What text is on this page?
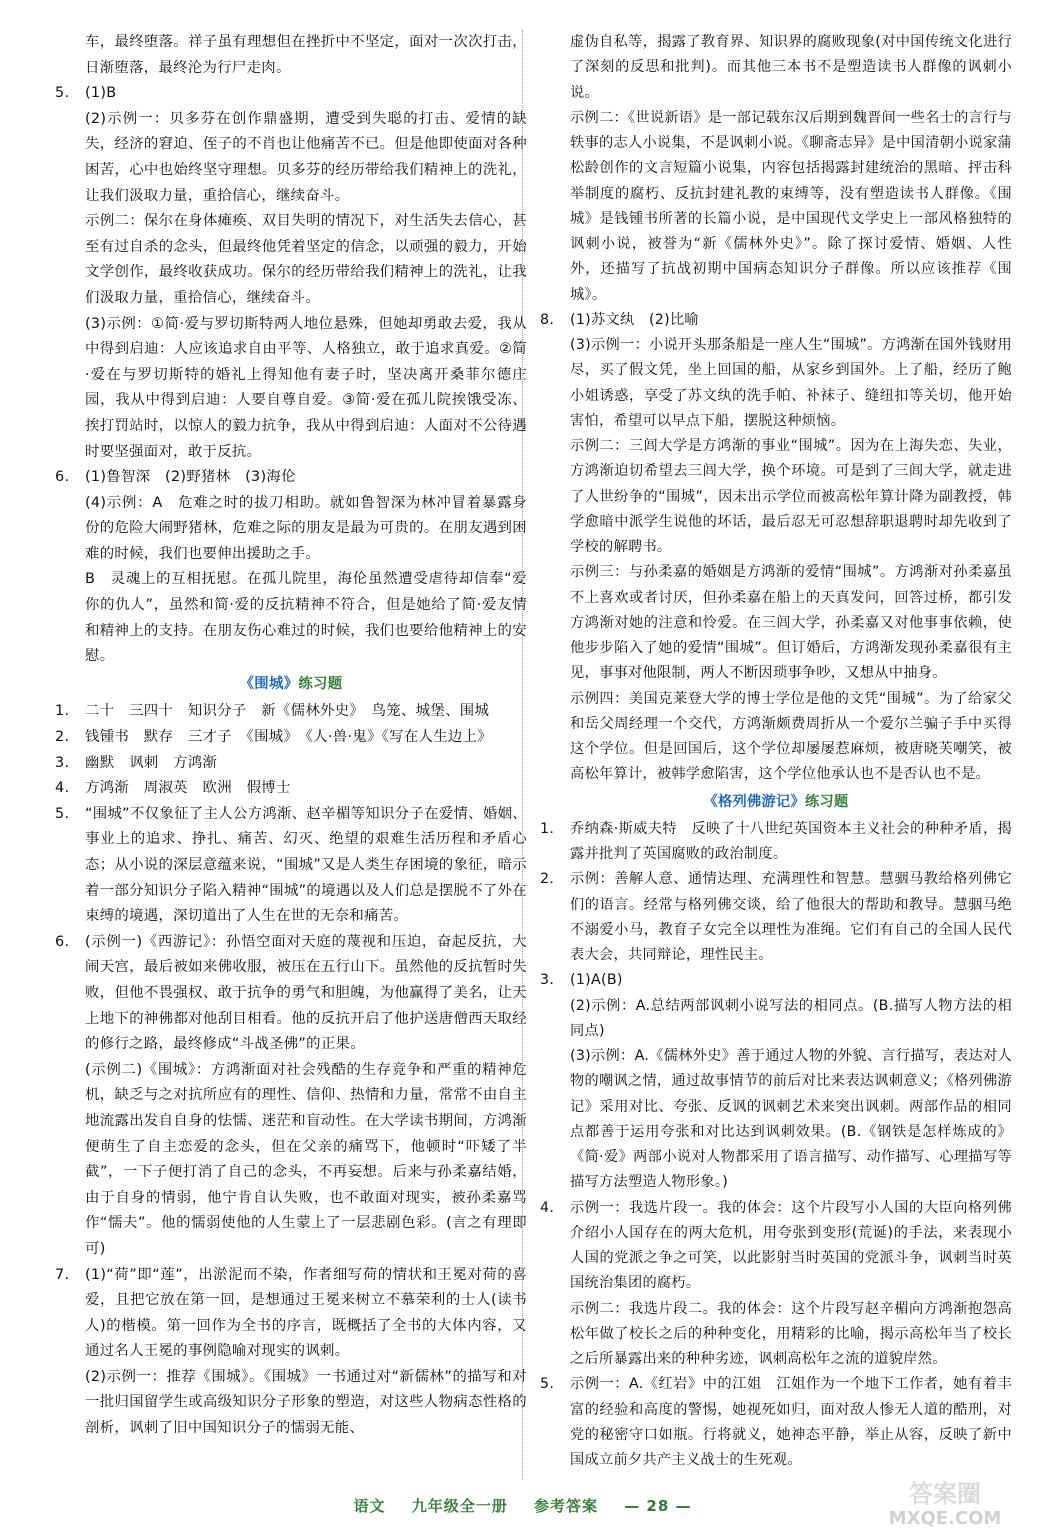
车，最终堕落。祥子虽有理想但在挫折中不坚定，面对一次次打击，日渐堕落，最终沦为行尸走肉。
5. (1)B
(2)示例一：贝多芬在创作鼎盛期，遭受到失聪的打击、爱情的缺失，经济的窘迫、侄子的不肖也让他痛苦不已。但是他即使面对各种困苦，心中也始终坚守理想。贝多芬的经历带给我们精神上的洗礼，让我们汲取力量，重拾信心，继续奋斗。
示例二：保尔在身体瘫痪、双目失明的情况下，对生活失去信心，甚至有过自杀的念头，但最终他凭着坚定的信念，以顽强的毅力，开始文学创作，最终收获成功。保尔的经历带给我们精神上的洗礼，让我们汲取力量，重拾信心，继续奋斗。
(3)示例：①简·爱与罗切斯特两人地位悬殊，但她却勇敢去爱，我从中得到启迪：人应该追求自由平等、人格独立，敢于追求真爱。②简·爱在与罗切斯特的婚礼上得知他有妻子时，坚决离开桑菲尔德庄园，我从中得到启迪：人要自尊自爱。③简·爱在孤儿院挨饿受冻、挨打罚站时，以惊人的毅力抗争，我从中得到启迪：人面对不公待遇时要坚强面对，敢于反抗。
6. (1)鲁智深　(2)野猪林　(3)海伦
(4)示例：A　危难之时的拔刀相助。就如鲁智深为林冲冒着暴露身份的危险大闹野猪林，危难之际的朋友是最为可贵的。在朋友遇到困难的时候，我们也要伸出援助之手。
B　灵魂上的互相抚慰。在孤儿院里，海伦虽然遭受虐待却信奉“爱你的仇人”，虽然和简·爱的反抗精神不符合，但是她给了简·爱友情和精神上的支持。在朋友伤心难过的时候，我们也要给他精神上的安慰。
《围城》练习题
1. 二十　三四十　知识分子　新《儒林外史》　鸟笼、城堡、围城
2. 钱锺书　默存　三才子　《围城》　《人·兽·鬼》《写在人生边上》
3. 幽默　讽刺　方鸿渐
4. 方鸿渐　周淑英　欧洲　假博士
5. “围城”不仅象征了主人公方鸿渐、赵辛楣等知识分子在爱情、婚姻、事业上的追求、挣扎、痛苦、幻灭、绝望的艰难生活历程和矛盾心态；从小说的深层意蕴来说，“围城”又是人类生存困境的象征，暗示着一部分知识分子陷入精神“围城”的境遇以及人们总是摆脱不了外在束缚的境遇，深切道出了人生在世的无奈和痛苦。
6. (示例一)《西游记》：孙悟空面对天庭的蔑视和压迫，奋起反抗，大闹天宫，最后被如来佛收服，被压在五行山下。虽然他的反抗暂时失败，但他不畏强权、敢于抗争的勇气和胆魄，为他赢得了美名，让天上地下的神佛都对他刮目相看。他的反抗开启了他护送唐僧西天取经的修行之路，最终修成“斗战圣佛”的正果。
(示例二)《围城》：方鸿渐面对社会残酷的生存竞争和严重的精神危机，缺乏与之对抗所应有的理性、信仰、热情和力量，常常不由自主地流露出发自自身的怯懦、迷茫和盲动性。在大学读书期间，方鸿渐便萌生了自主恋爱的念头，但在父亲的痛骂下，他顿时“吓矮了半截”，一下子便打消了自己的念头，不再妄想。后来与孙柔嘉结婚，由于自身的情弱，他宁肯自认失败，也不敢面对现实，被孙柔嘉骂作“懦夫”。他的懦弱使他的人生蒙上了一层悲剧色彩。(言之有理即可)
7. (1)“荷”即“莲”，出淤泥而不染，作者细写荷的情状和王冕对荷的喜爱，且把它放在第一回，是想通过王冕来树立不慕荣利的士人(读书人)的楷模。第一回作为全书的序言，既概括了全书的大体内容，又通过名人王冕的事例隐喻对现实的讽刺。
(2)示例一：推荐《围城》。《围城》一书通过对“新儒林”的描写和对一批归国留学生或高级知识分子形象的塑造，对这些人物病态性格的剖析，讽刺了旧中国知识分子的懦弱无能、
虚伪自私等，揭露了教育界、知识界的腐败现象(对中国传统文化进行了深刻的反思和批判)。而其他三本书不是塑造读书人群像的讽刺小说。
示例二：《世说新语》是一部记载东汉后期到魏晋间一些名士的言行与轶事的志人小说集，不是讽刺小说。《聊斋志异》是中国清朝小说家蒲松龄创作的文言短篇小说集，内容包括揭露封建统治的黑暗、抨击科举制度的腐朽、反抗封建礼教的束缚等，没有塑造读书人群像。《围城》是钱锺书所著的长篇小说，是中国现代文学史上一部风格独特的讽刺小说，被誉为“新《儒林外史》”。除了探讨爱情、婚姻、人性外，还描写了抗战初期中国病态知识分子群像。所以应该推荐《围城》。
8. (1)苏文纨　(2)比喻
(3)示例一：小说开头那条船是一座人生“围城”。方鸿渐在国外钱财用尽，买了假文凭，坐上回国的船，从家乡到国外。上了船，经历了鲍小姐诱惑，享受了苏文纨的洗手帕、补袜子、缝纽扣等关切，他开始害怕，希望可以早点下船，摆脱这种烦恼。
示例二：三闾大学是方鸿渐的事业“围城”。因为在上海失恋、失业，方鸿渐迫切希望去三闾大学，换个环境。可是到了三闾大学，就走进了人世纷争的“围城”，因未出示学位而被高松年算计降为副教授，韩学愈暗中派学生说他的坏话，最后忍无可忍想辞职退聘时却先收到了学校的解聘书。
示例三：与孙柔嘉的婚姻是方鸿渐的爱情“围城”。方鸿渐对孙柔嘉虽不上喜欢或者讨厌，但孙柔嘉在船上的天真发问，回答过桥，都引发方鸿渐对她的注意和怜爱。在三闾大学，孙柔嘉又对他事事依赖，使他步步陷入了她的爱情“围城”。但订婚后，方鸿渐发现孙柔嘉很有主见，事事对他限制，两人不断因琐事争吵，又想从中抽身。
示例四：美国克莱登大学的博士学位是他的文凭“围城”。为了给家父和岳父周经理一个交代，方鸿渐颇费周折从一个爱尔兰骗子手中买得这个学位。但是回国后，这个学位却屡屡惹麻烦，被唐晓芙嘲笑，被高松年算计，被韩学愈陷害，这个学位他承认也不是否认也不是。
《格列佛游记》练习题
1. 乔纳森·斯威夫特　反映了十八世纪英国资本主义社会的种种矛盾，揭露并批判了英国腐败的政治制度。
2. 示例：善解人意、通情达理、充满理性和智慧。慧骃马教给格列佛它们的语言。经常与格列佛交谈，给了他很大的帮助和教导。慧骃马绝不溺爱小马，教育子女完全以理性为准绳。它们有自己的全国人民代表大会，共同辩论，理性民主。
3. (1)A(B)
(2)示例：A.总结两部讽刺小说写法的相同点。(B.描写人物方法的相同点)
(3)示例：A.《儒林外史》善于通过人物的外貌、言行描写，表达对人物的嘲讽之情，通过故事情节的前后对比来表达讽刺意义；《格列佛游记》采用对比、夸张、反讽的讽刺艺术来突出讽刺。两部作品的相同点都善于运用夸张和对比达到讽刺效果。(B.《钢铁是怎样炼成的》《简·爱》两部小说对人物都采用了语言描写、动作描写、心理描写等描写方法塑造人物形象。)
4. 示例一：我选片段一。我的体会：这个片段写小人国的大臣向格列佛介绍小人国存在的两大危机，用夸张到变形(荒诞)的手法，来表现小人国的党派之争之可笑，以此影射当时英国的党派斗争，讽刺当时英国统治集团的腐朽。
示例二：我选片段二。我的体会：这个片段写赵辛楣向方鸿渐抱怨高松年做了校长之后的种种变化，用精彩的比喻，揭示高松年当了校长之后所暴露出来的种种劣迹，讽刺高松年之流的道貌岸然。
5. 示例一：A.《红岩》中的江姐　江姐作为一个地下工作者，她有着丰富的经验和高度的警惕，她视死如归，面对敌人惨无人道的酷刑，对党的秘密守口如瓶。行将就义，她神态平静，举止从容，反映了新中国成立前夕共产主义战士的生死观。
语文 九年级全一册 参考答案 — 28 —	答案圈
MXQE.COM
